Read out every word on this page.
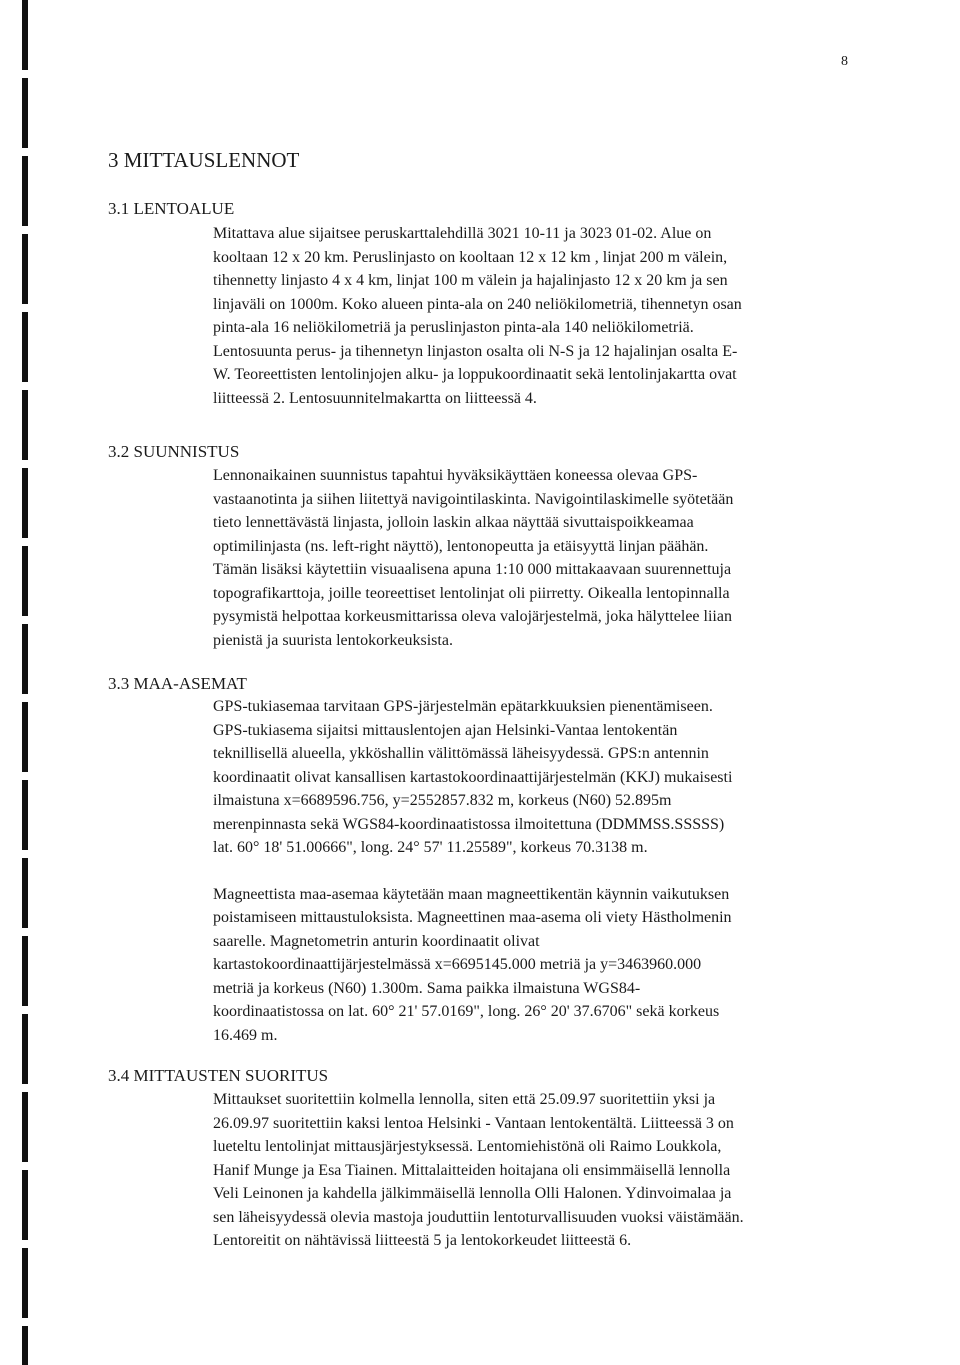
8
3 MITTAUSLENNOT
3.1 LENTOALUE

Mitattava alue sijaitsee peruskarttalehdillä 3021 10-11 ja 3023 01-02. Alue on
kooltaan 12 x 20 km. Peruslinjasto on kooltaan 12 x 12 km , linjat 200 m välein,
tihennetty linjasto 4 x 4 km, linjat 100 m välein ja hajalinjasto 12 x 20 km ja sen
linjaväli on 1000m. Koko alueen pinta-ala on 240 neliökilometriä, tihennetyn osan
pinta-ala 16 neliökilometriä ja peruslinjaston pinta-ala 140 neliökilometriä.
Lentosuunta perus- ja tihennetyn linjaston osalta oli N-S ja 12 hajalinjan osalta E-
W. Teoreettisten lentolinjojen alku- ja loppukoordinaatit sekä lentolinjakartta ovat
liitteessä 2. Lentosuunnitelmakartta on liitteessä 4.

3.2 SUUNNISTUS

Lennonaikainen suunnistus tapahtui hyväksikäyttäen koneessa olevaa GPS-
vastaanotinta ja siihen liitettyä navigointilaskinta. Navigointilaskimelle syötetään
tieto lennettävästä linjasta, jolloin laskin alkaa näyttää sivuttaispoikkeamaa
optimilinjasta (ns. left-right näyttö), lentonopeutta ja etäisyyttä linjan päähän.
Tämän lisäksi käytettiin visuaalisena apuna 1:10 000 mittakaavaan suurennettuja
topografikarttoja, joille teoreettiset lentolinjat oli piirretty. Oikealla lentopinnalla
pysymistä helpottaa korkeusmittarissa oleva valojärjestelmä, joka hälyttelee liian
pienistä ja suurista lentokorkeuksista.

3.3 MAA-ASEMAT

GPS-tukiasemaa tarvitaan GPS-järjestelmän epätarkkuuksien pienentämiseen.
GPS-tukiasema sijaitsi mittauslentojen ajan Helsinki-Vantaa lentokentän
teknillisellä alueella, ykköshallin välittömässä läheisyydessä. GPS:n antennin
koordinaatit olivat kansallisen kartastokoordinaattijärjestelmän (KKJ) mukaisesti
ilmaistuna x=6689596.756, y=2552857.832 m, korkeus (N60) 52.895m
merenpinnasta sekä WGS84-koordinaatistossa ilmoitettuna (DDMMSS.SSSSS)
lat. 60° 18' 51.00666", long. 24° 57' 11.25589", korkeus 70.3138 m.

Magneettista maa-asemaa käytetään maan magneettikentän käynnin vaikutuksen
poistamiseen mittaustuloksista. Magneettinen maa-asema oli viety Hästholmenin
saarelle. Magnetometrin anturin koordinaatit olivat
kartastokoordinaattijärjestelmässä x=6695145.000 metriä ja y=3463960.000
metriä ja korkeus (N60) 1.300m. Sama paikka ilmaistuna WGS84-
koordinaatistossa on lat. 60° 21' 57.0169", long. 26° 20' 37.6706" sekä korkeus
16.469 m.

3.4 MITTAUSTEN SUORITUS

Mittaukset suoritettiin kolmella lennolla, siten että 25.09.97 suoritettiin yksi ja
26.09.97 suoritettiin kaksi lentoa Helsinki - Vantaan lentokentältä. Liitteessä 3 on
lueteltu lentolinjat mittausjärjestyksessä. Lentomiehistönä oli Raimo Loukkola,
Hanif Munge ja Esa Tiainen. Mittalaitteiden hoitajana oli ensimmäisellä lennolla
Veli Leinonen ja kahdella jälkimmäisellä lennolla Olli Halonen. Ydinvoimalaa ja
sen läheisyydessä olevia mastoja jouduttiin lentoturvallisuuden vuoksi väistämään.
Lentoreitit on nähtävissä liitteestä 5 ja lentokorkeudet liitteestä 6.
